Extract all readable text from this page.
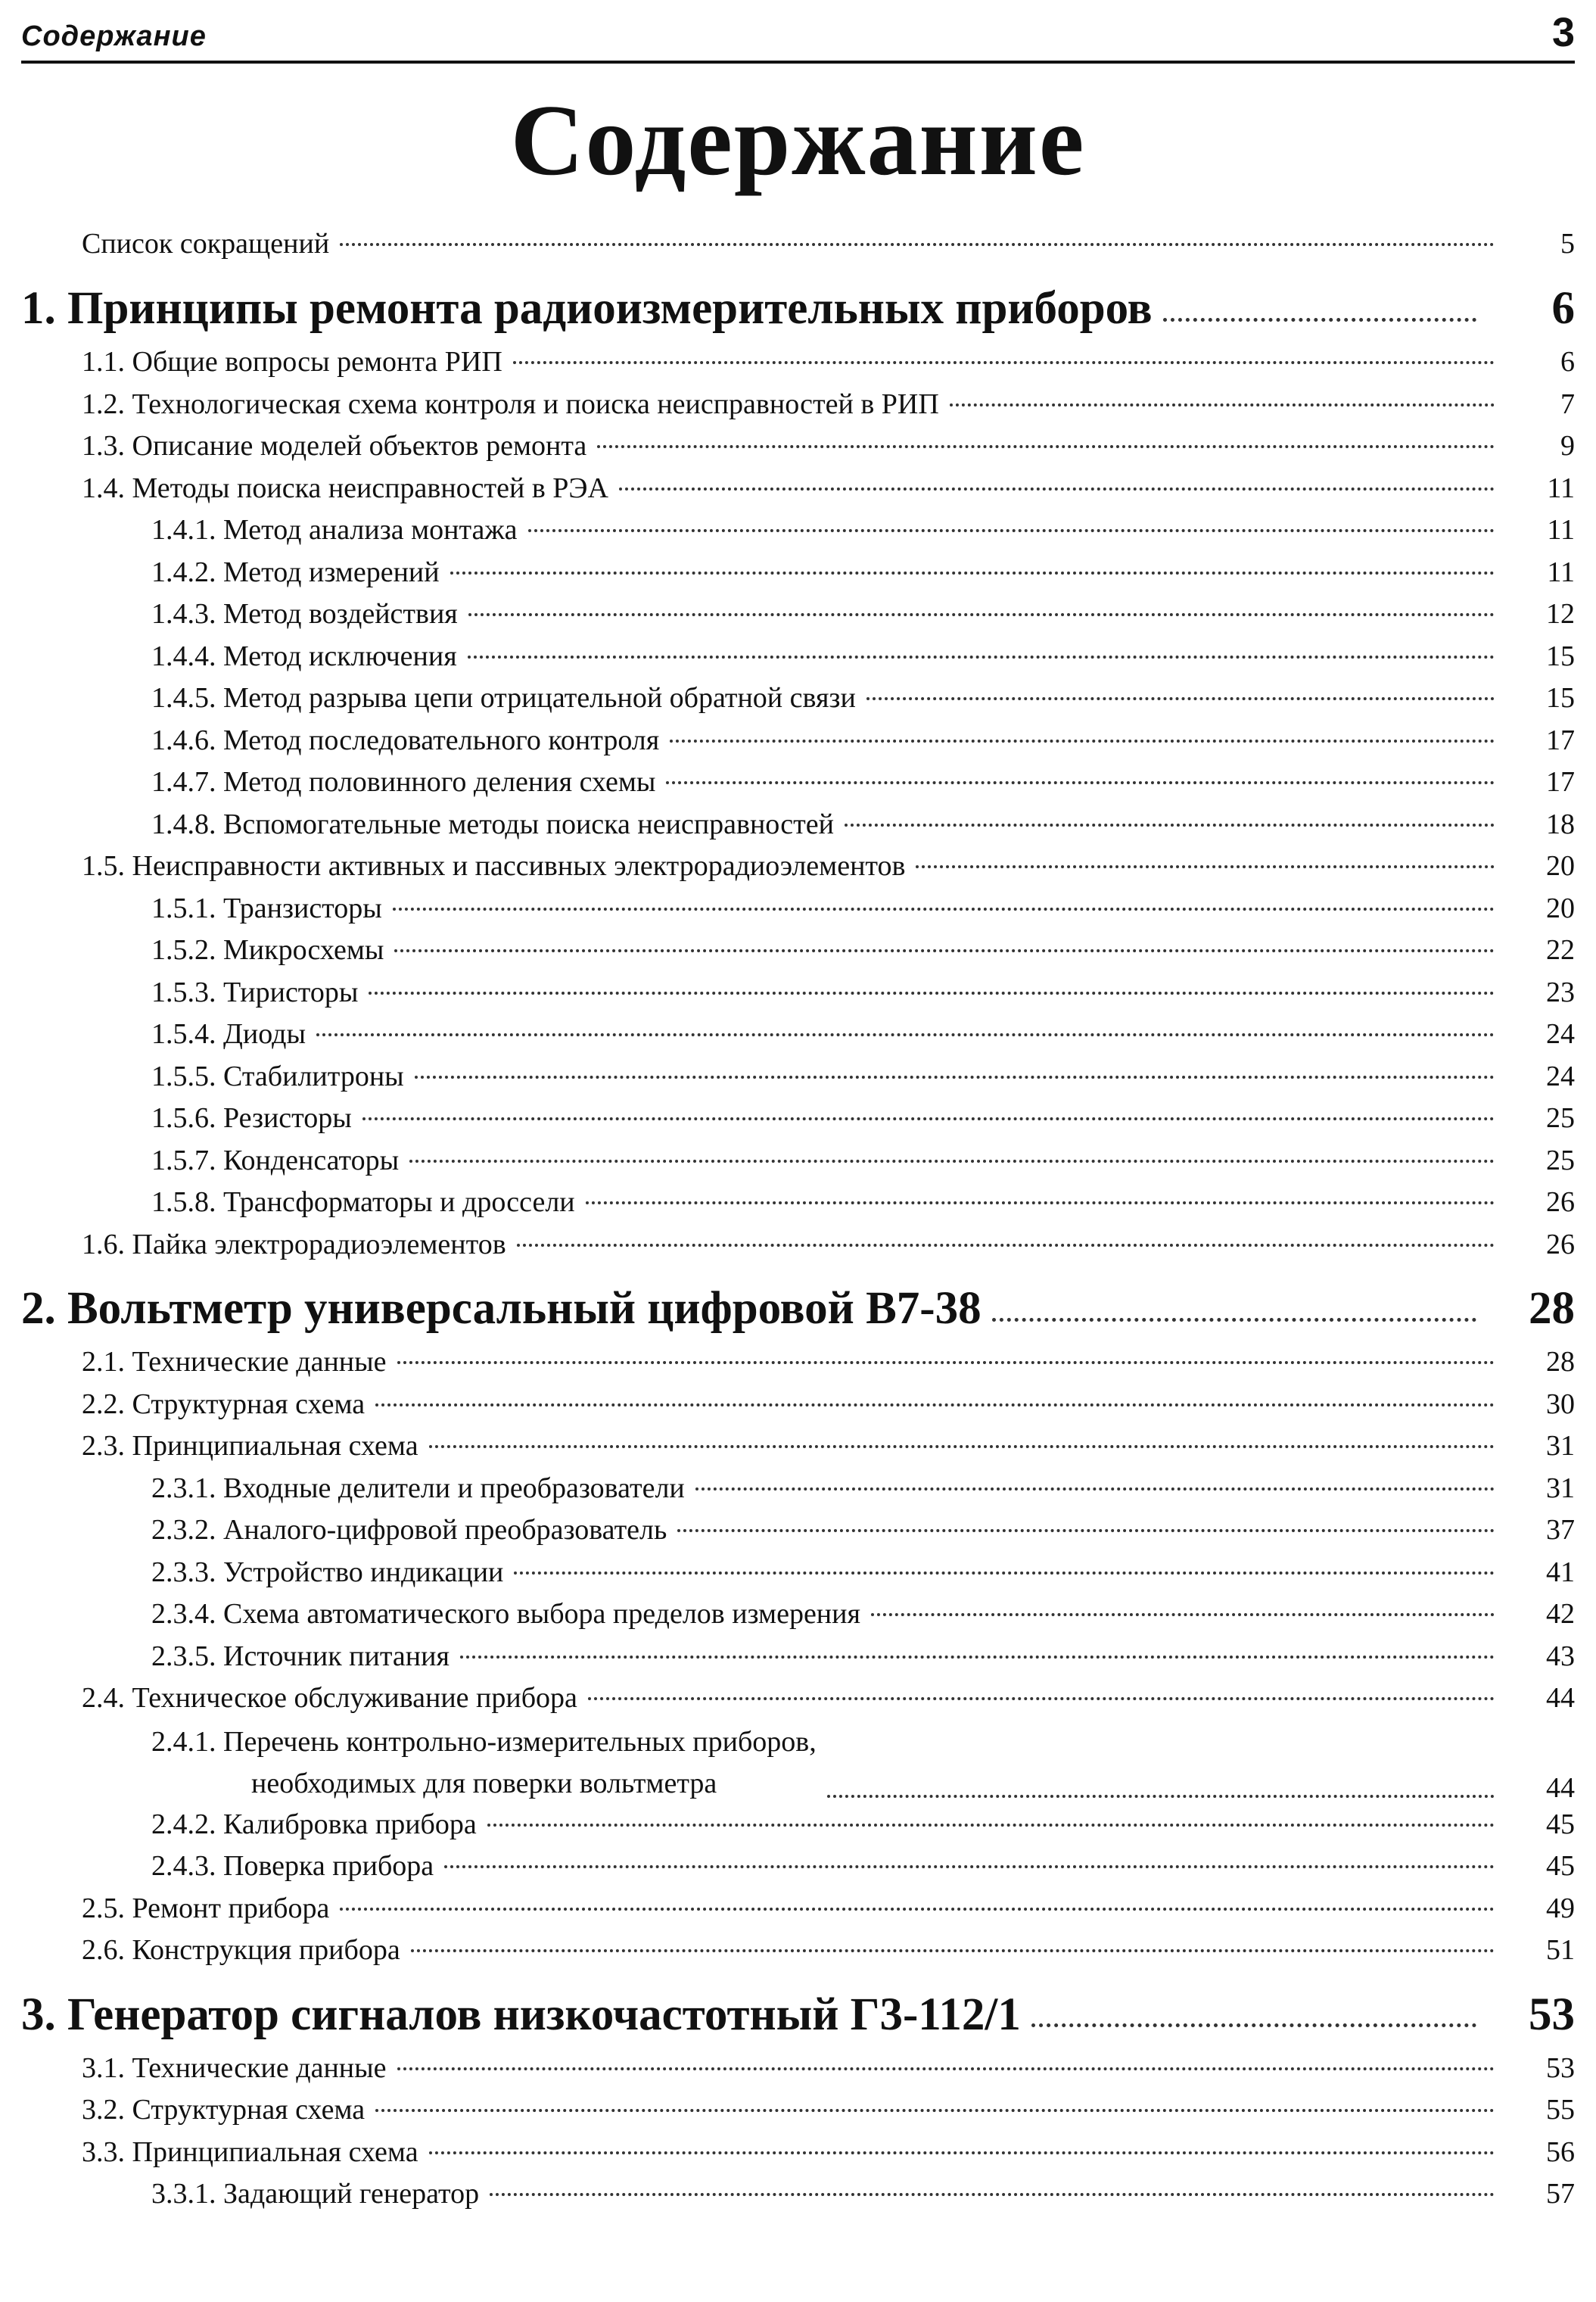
Содержание	3
Содержание
Список сокращений	5
1. Принципы ремонта радиоизмерительных приборов	6
1.1. Общие вопросы ремонта РИП	6
1.2. Технологическая схема контроля и поиска неисправностей в РИП	7
1.3. Описание моделей объектов ремонта	9
1.4. Методы поиска неисправностей в РЭА	11
1.4.1. Метод анализа монтажа	11
1.4.2. Метод измерений	11
1.4.3. Метод воздействия	12
1.4.4. Метод исключения	15
1.4.5. Метод разрыва цепи отрицательной обратной связи	15
1.4.6. Метод последовательного контроля	17
1.4.7. Метод половинного деления схемы	17
1.4.8. Вспомогательные методы поиска неисправностей	18
1.5. Неисправности активных и пассивных электрорадиоэлементов	20
1.5.1. Транзисторы	20
1.5.2. Микросхемы	22
1.5.3. Тиристоры	23
1.5.4. Диоды	24
1.5.5. Стабилитроны	24
1.5.6. Резисторы	25
1.5.7. Конденсаторы	25
1.5.8. Трансформаторы и дроссели	26
1.6. Пайка электрорадиоэлементов	26
2. Вольтметр универсальный цифровой В7-38	28
2.1. Технические данные	28
2.2. Структурная схема	30
2.3. Принципиальная схема	31
2.3.1. Входные делители и преобразователи	31
2.3.2. Аналого-цифровой преобразователь	37
2.3.3. Устройство индикации	41
2.3.4. Схема автоматического выбора пределов измерения	42
2.3.5. Источник питания	43
2.4. Техническое обслуживание прибора	44
2.4.1. Перечень контрольно-измерительных приборов,
необходимых для поверки вольтметра	44
2.4.2. Калибровка прибора	45
2.4.3. Поверка прибора	45
2.5. Ремонт прибора	49
2.6. Конструкция прибора	51
3. Генератор сигналов низкочастотный Г3-112/1	53
3.1. Технические данные	53
3.2. Структурная схема	55
3.3. Принципиальная схема	56
3.3.1. Задающий генератор	57
